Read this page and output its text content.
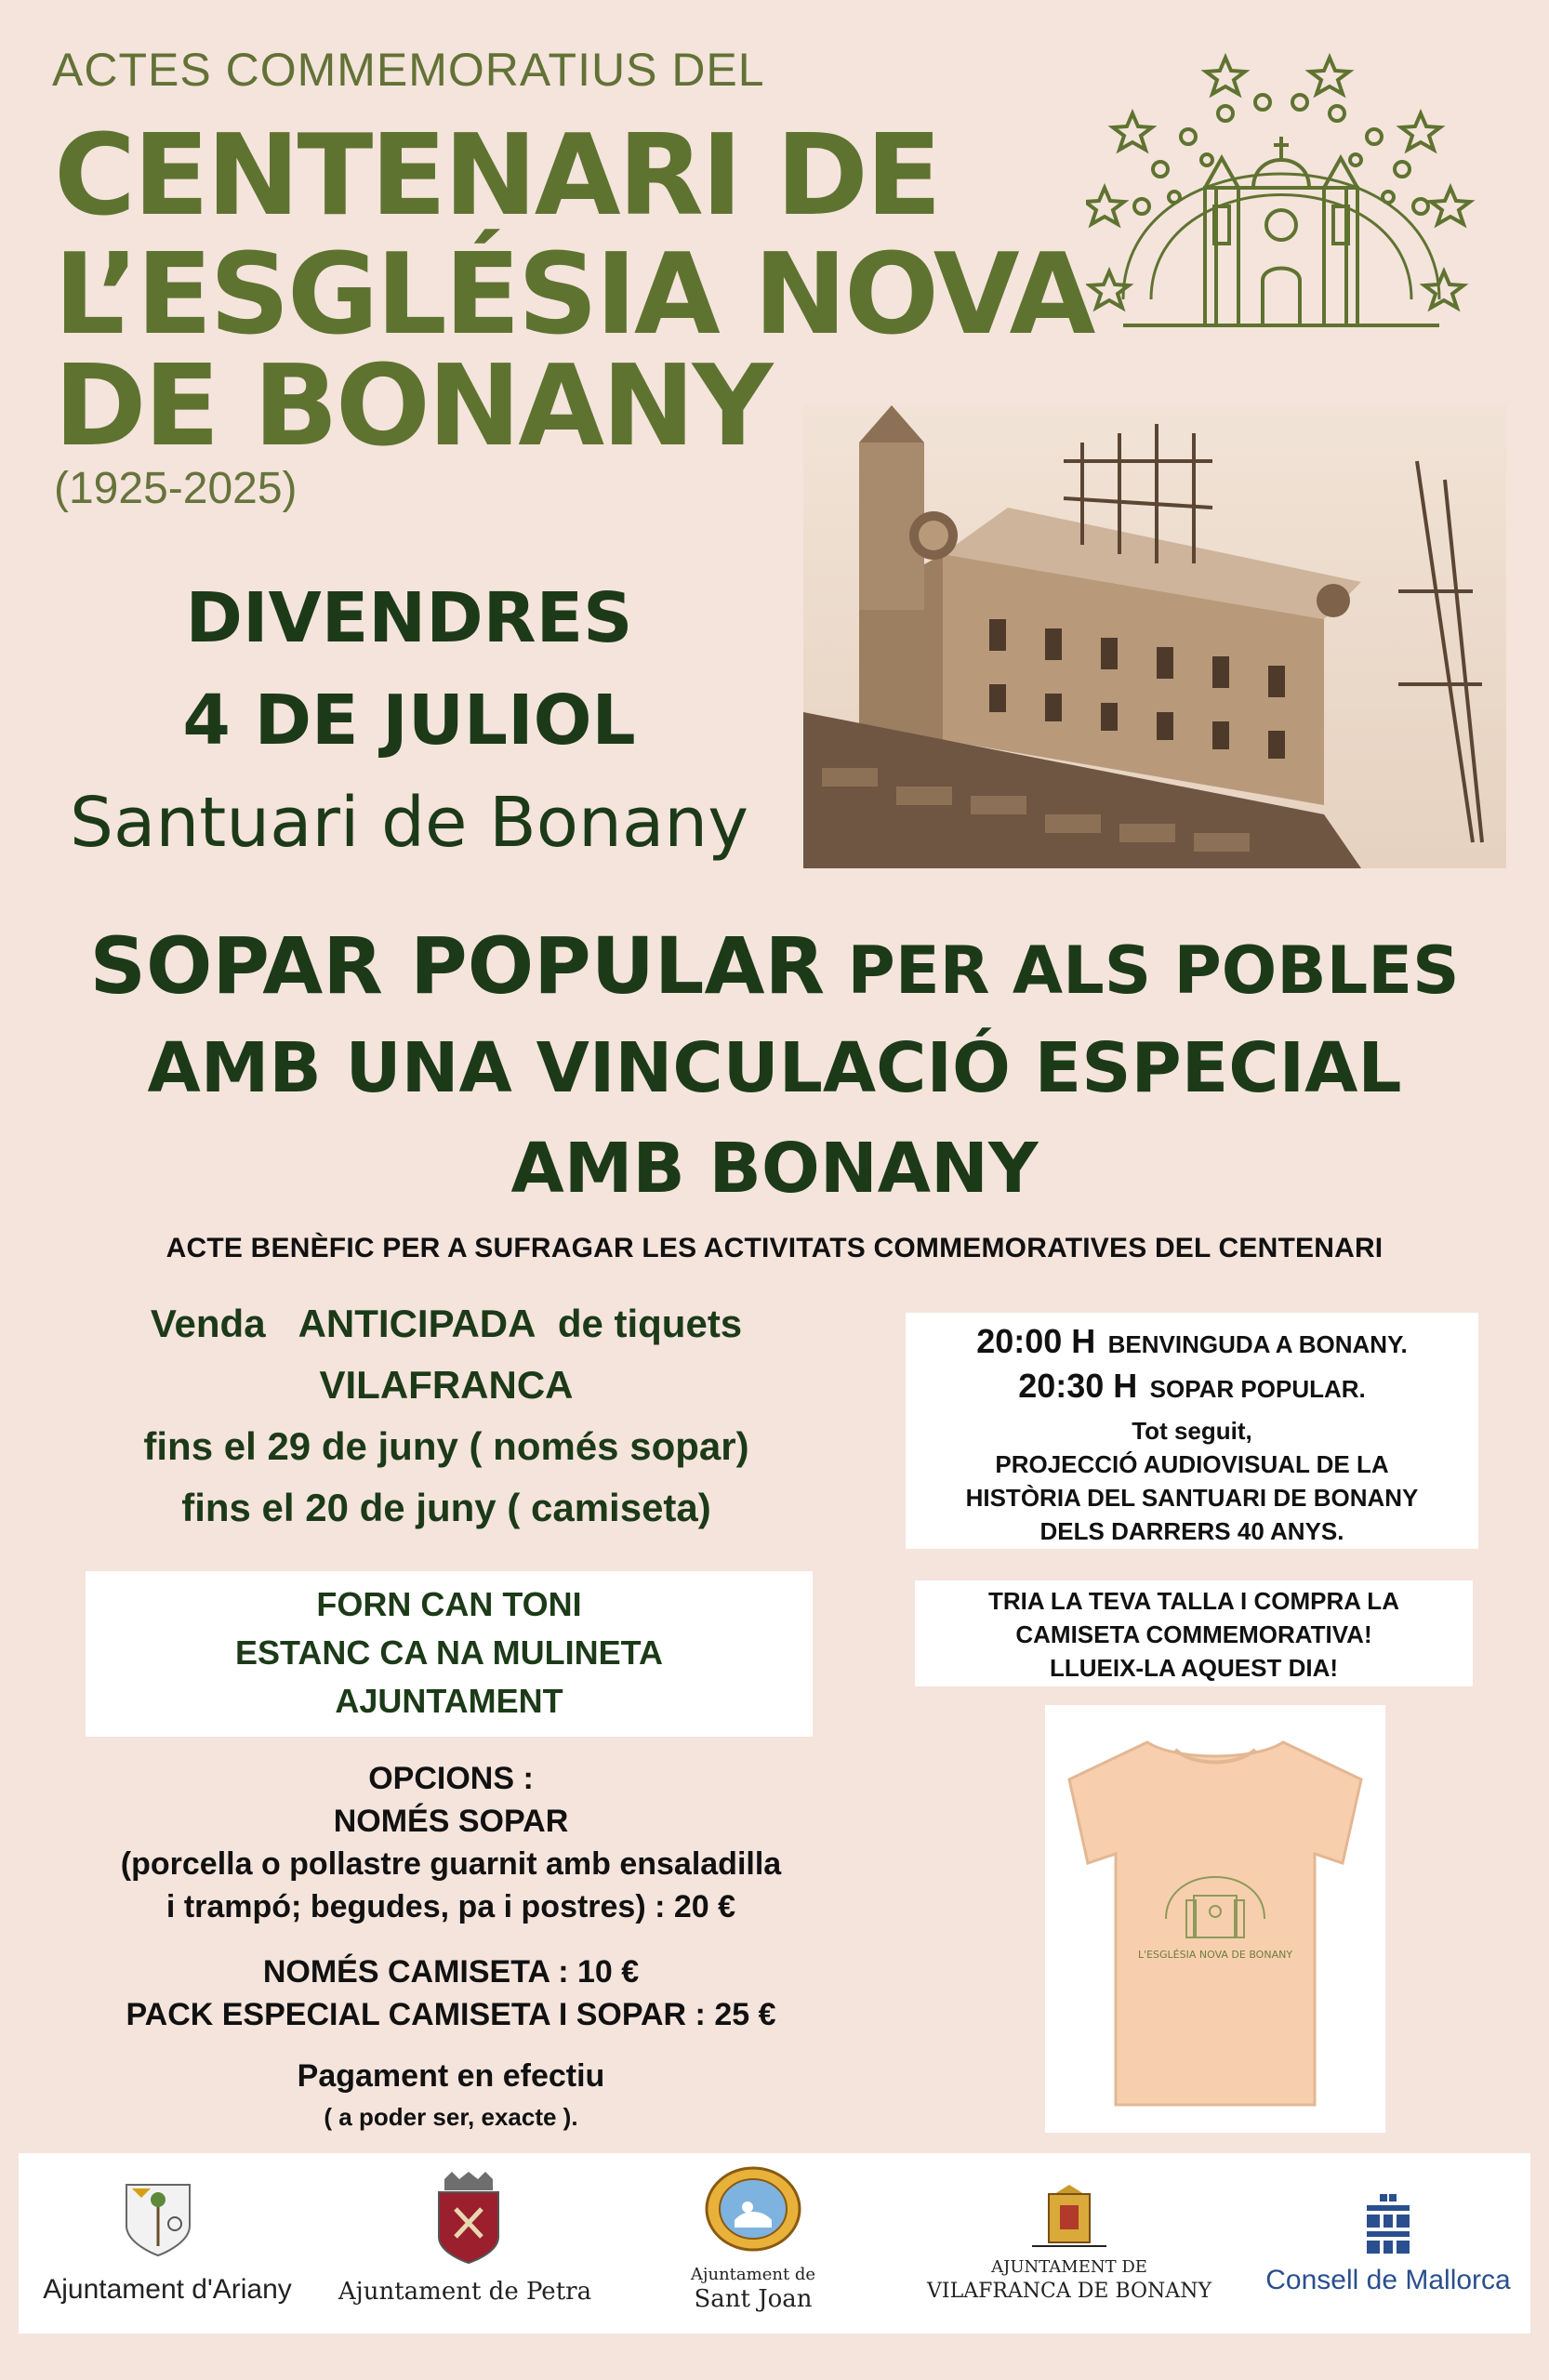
ACTES COMMEMORATIUS DEL
CENTENARI DE
L’ESGLÉSIA NOVA
DE BONANY
(1925-2025)
DIVENDRES
4 DE JULIOL
Santuari de Bonany
SOPAR POPULAR PER ALS POBLES
AMB UNA VINCULACIÓ ESPECIAL
AMB BONANY
ACTE BENÈFIC PER A SUFRAGAR LES ACTIVITATS COMMEMORATIVES DEL CENTENARI
Venda ANTICIPADA de tiquets
VILAFRANCA
fins el 29 de juny ( només sopar)
fins el 20 de juny ( camiseta)
FORN CAN TONI
ESTANC CA NA MULINETA
AJUNTAMENT
OPCIONS :
NOMÉS SOPAR
(porcella o pollastre guarnit amb ensaladilla
i trampó; begudes, pa i postres) : 20 €
NOMÉS CAMISETA : 10 €
PACK ESPECIAL CAMISETA I SOPAR : 25 €
Pagament en efectiu
( a poder ser, exacte ).
20:00 H BENVINGUDA A BONANY.
20:30 H SOPAR POPULAR.
Tot seguit,
PROJECCIÓ AUDIOVISUAL DE LA
HISTÒRIA DEL SANTUARI DE BONANY
DELS DARRERS 40 ANYS.
TRIA LA TEVA TALLA I COMPRA LA
CAMISETA COMMEMORATIVA!
LLUEIX-LA AQUEST DIA!
L'ESGLÉSIA NOVA DE BONANY
Ajuntament d'Ariany	Ajuntament de Petra
Ajuntament de
Sant Joan
AJUNTAMENT DE
VILAFRANCA DE BONANY	Consell de Mallorca
